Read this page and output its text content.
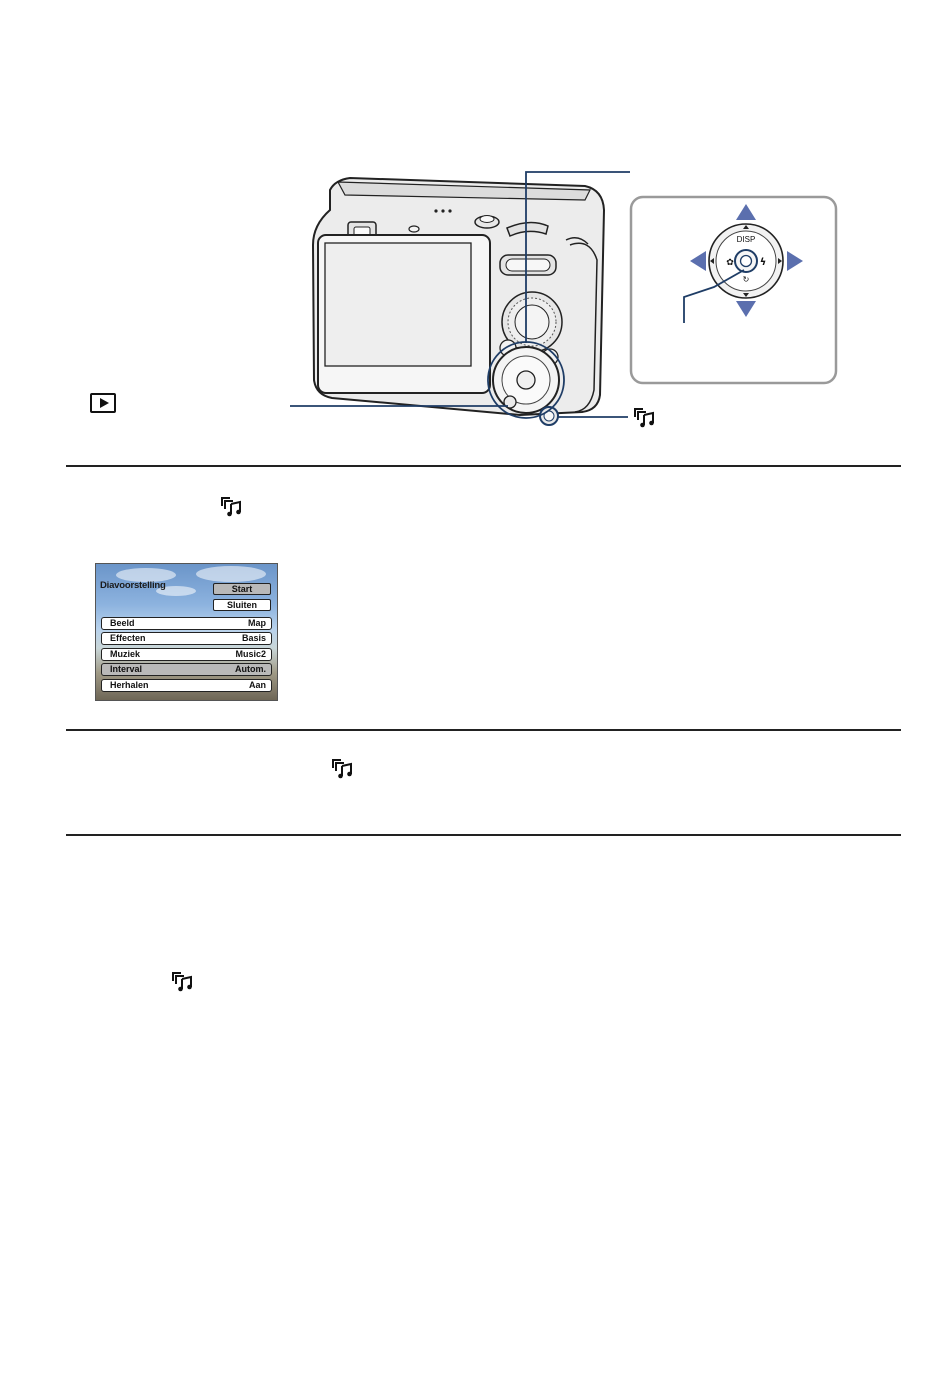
DISP
✿	ϟ
↻
Diavoorstelling	Start
Sluiten
Beeld	Map
Effecten	Basis
Muziek	Music2
Interval	Autom.
Herhalen	Aan
